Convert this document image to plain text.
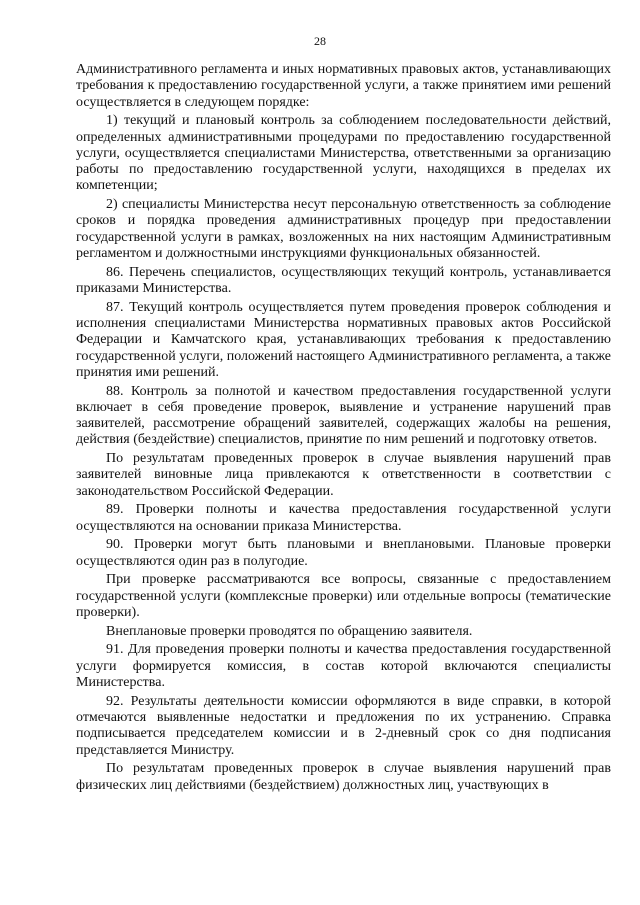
28

Административного регламента и иных нормативных правовых актов, устанавливающих требования к предоставлению государственной услуги, а также принятием ими решений осуществляется в следующем порядке:

1) текущий и плановый контроль за соблюдением последовательности действий, определенных административными процедурами по предоставлению государственной услуги, осуществляется специалистами Министерства, ответственными за организацию работы по предоставлению государственной услуги, находящихся в пределах их компетенции;

2) специалисты Министерства несут персональную ответственность за соблюдение сроков и порядка проведения административных процедур при предоставлении государственной услуги в рамках, возложенных на них настоящим Административным регламентом и должностными инструкциями функциональных обязанностей.

86. Перечень специалистов, осуществляющих текущий контроль, устанавливается приказами Министерства.

87. Текущий контроль осуществляется путем проведения проверок соблюдения и исполнения специалистами Министерства нормативных правовых актов Российской Федерации и Камчатского края, устанавливающих требования к предоставлению государственной услуги, положений настоящего Административного регламента, а также принятия ими решений.

88. Контроль за полнотой и качеством предоставления государственной услуги включает в себя проведение проверок, выявление и устранение нарушений прав заявителей, рассмотрение обращений заявителей, содержащих жалобы на решения, действия (бездействие) специалистов, принятие по ним решений и подготовку ответов.

По результатам проведенных проверок в случае выявления нарушений прав заявителей виновные лица привлекаются к ответственности в соответствии с законодательством Российской Федерации.

89. Проверки полноты и качества предоставления государственной услуги осуществляются на основании приказа Министерства.

90. Проверки могут быть плановыми и внеплановыми. Плановые проверки осуществляются один раз в полугодие.

При проверке рассматриваются все вопросы, связанные с предоставлением государственной услуги (комплексные проверки) или отдельные вопросы (тематические проверки).

Внеплановые проверки проводятся по обращению заявителя.

91. Для проведения проверки полноты и качества предоставления государственной услуги формируется комиссия, в состав которой включаются специалисты Министерства.

92. Результаты деятельности комиссии оформляются в виде справки, в которой отмечаются выявленные недостатки и предложения по их устранению. Справка подписывается председателем комиссии и в 2-дневный срок со дня подписания представляется Министру.

По результатам проведенных проверок в случае выявления нарушений прав физических лиц действиями (бездействием) должностных лиц, участвующих в
